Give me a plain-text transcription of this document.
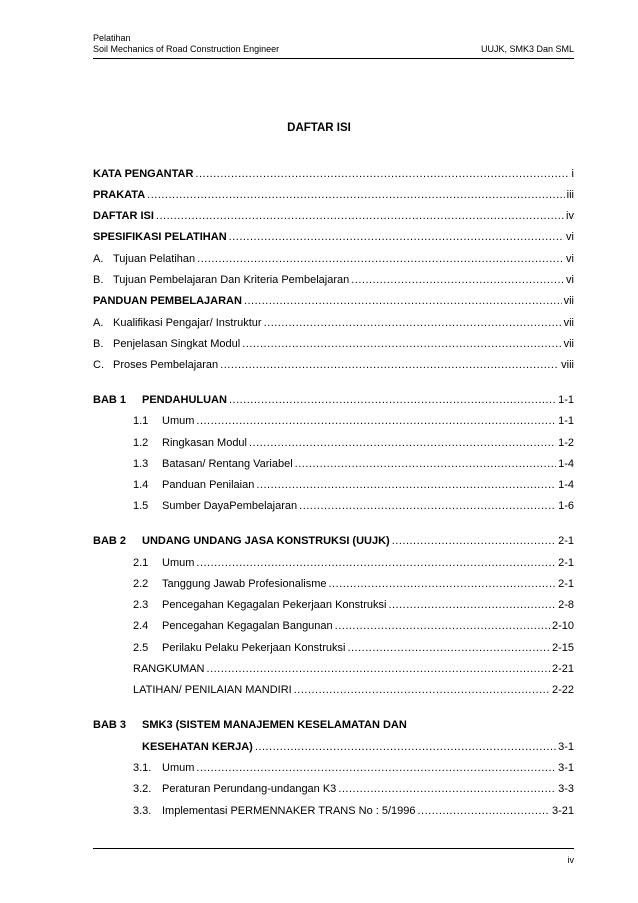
Pelatihan
Soil Mechanics of Road Construction Engineer	UUJK, SMK3 Dan SML
DAFTAR ISI
KATA PENGANTAR .....	i
PRAKATA .....	iii
DAFTAR ISI .....	iv
SPESIFIKASI PELATIHAN .....	vi
A. Tujuan Pelatihan .....	vi
B. Tujuan Pembelajaran Dan Kriteria Pembelajaran .....	vi
PANDUAN PEMBELAJARAN .....	vii
A. Kualifikasi Pengajar/ Instruktur .....	vii
B. Penjelasan Singkat Modul .....	vii
C. Proses Pembelajaran .....	viii
BAB 1	PENDAHULUAN .....	1-1
1.1	Umum .....	1-1
1.2	Ringkasan Modul .....	1-2
1.3	Batasan/ Rentang Variabel .....	1-4
1.4	Panduan Penilaian .....	1-4
1.5	Sumber DayaPembelajaran .....	1-6
BAB 2	UNDANG UNDANG JASA KONSTRUKSI (UUJK) .....	2-1
2.1	Umum .....	2-1
2.2	Tanggung Jawab Profesionalisme .....	2-1
2.3	Pencegahan Kegagalan Pekerjaan Konstruksi .....	2-8
2.4	Pencegahan Kegagalan Bangunan .....	2-10
2.5	Perilaku Pelaku Pekerjaan Konstruksi .....	2-15
RANGKUMAN .....	2-21
LATIHAN/ PENILAIAN MANDIRI .....	2-22
BAB 3	SMK3 (SISTEM MANAJEMEN KESELAMATAN DAN
KESEHATAN KERJA) .....	3-1
3.1. Umum .....	3-1
3.2. Peraturan Perundang-undangan K3 .....	3-3
3.3. Implementasi PERMENNAKER TRANS No : 5/1996 .....	3-21
iv
